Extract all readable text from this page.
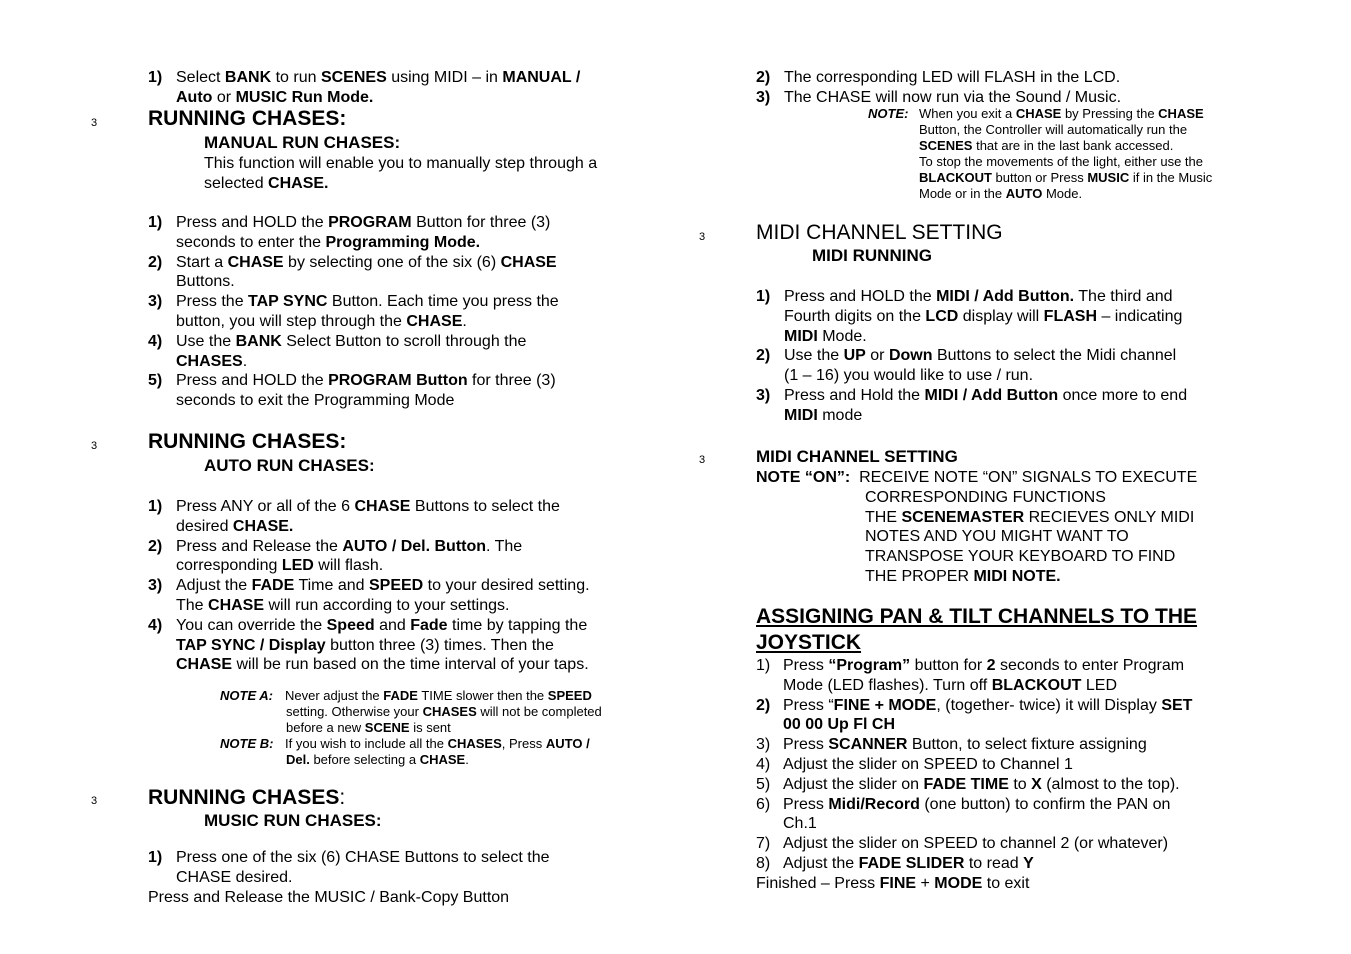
1) Select BANK to run SCENES using MIDI – in MANUAL /
Auto or MUSIC Run Mode.
3 RUNNING CHASES:
MANUAL RUN CHASES:
This function will enable you to manually step through a
selected CHASE.
1) Press and HOLD the PROGRAM Button for three (3)
seconds to enter the Programming Mode.
2) Start a CHASE by selecting one of the six (6) CHASE
Buttons.
3) Press the TAP SYNC Button. Each time you press the
button, you will step through the CHASE.
4) Use the BANK Select Button to scroll through the
CHASES.
5) Press and HOLD the PROGRAM Button for three (3)
seconds to exit the Programming Mode
3 RUNNING CHASES:
AUTO RUN CHASES:
1) Press ANY or all of the 6 CHASE Buttons to select the
desired CHASE.
2) Press and Release the AUTO / Del. Button. The
corresponding LED will flash.
3) Adjust the FADE Time and SPEED to your desired setting.
The CHASE will run according to your settings.
4) You can override the Speed and Fade time by tapping the
TAP SYNC / Display button three (3) times. Then the
CHASE will be run based on the time interval of your taps.
NOTE A: Never adjust the FADE TIME slower then the SPEED
setting. Otherwise your CHASES will not be completed
before a new SCENE is sent
NOTE B: If you wish to include all the CHASES, Press AUTO /
Del. before selecting a CHASE.
3 RUNNING CHASES:
MUSIC RUN CHASES:
1) Press one of the six (6) CHASE Buttons to select the
CHASE desired.
Press and Release the MUSIC / Bank-Copy Button
2) The corresponding LED will FLASH in the LCD.
3) The CHASE will now run via the Sound / Music.
NOTE: When you exit a CHASE by Pressing the CHASE
Button, the Controller will automatically run the
SCENES that are in the last bank accessed.
To stop the movements of the light, either use the
BLACKOUT button or Press MUSIC if in the Music
Mode or in the AUTO Mode.
3 MIDI CHANNEL SETTING
MIDI RUNNING
1) Press and HOLD the MIDI / Add Button. The third and
Fourth digits on the LCD display will FLASH – indicating
MIDI Mode.
2) Use the UP or Down Buttons to select the Midi channel
(1 – 16) you would like to use / run.
3) Press and Hold the MIDI / Add Button once more to end
MIDI mode
3	MIDI CHANNEL SETTING
NOTE “ON”: RECEIVE NOTE “ON” SIGNALS TO EXECUTE
CORRESPONDING FUNCTIONS
THE SCENEMASTER RECIEVES ONLY MIDI
NOTES AND YOU MIGHT WANT TO
TRANSPOSE YOUR KEYBOARD TO FIND
THE PROPER MIDI NOTE.
ASSIGNING PAN & TILT CHANNELS TO THE
JOYSTICK
1) Press “Program” button for 2 seconds to enter Program
Mode (LED flashes). Turn off BLACKOUT LED
2) Press “FINE + MODE, (together- twice) it will Display SET
00 00 Up Fl CH
3) Press SCANNER Button, to select fixture assigning
4) Adjust the slider on SPEED to Channel 1
5) Adjust the slider on FADE TIME to X (almost to the top).
6) Press Midi/Record (one button) to confirm the PAN on
Ch.1
7) Adjust the slider on SPEED to channel 2 (or whatever)
8) Adjust the FADE SLIDER to read Y
Finished – Press FINE + MODE to exit
